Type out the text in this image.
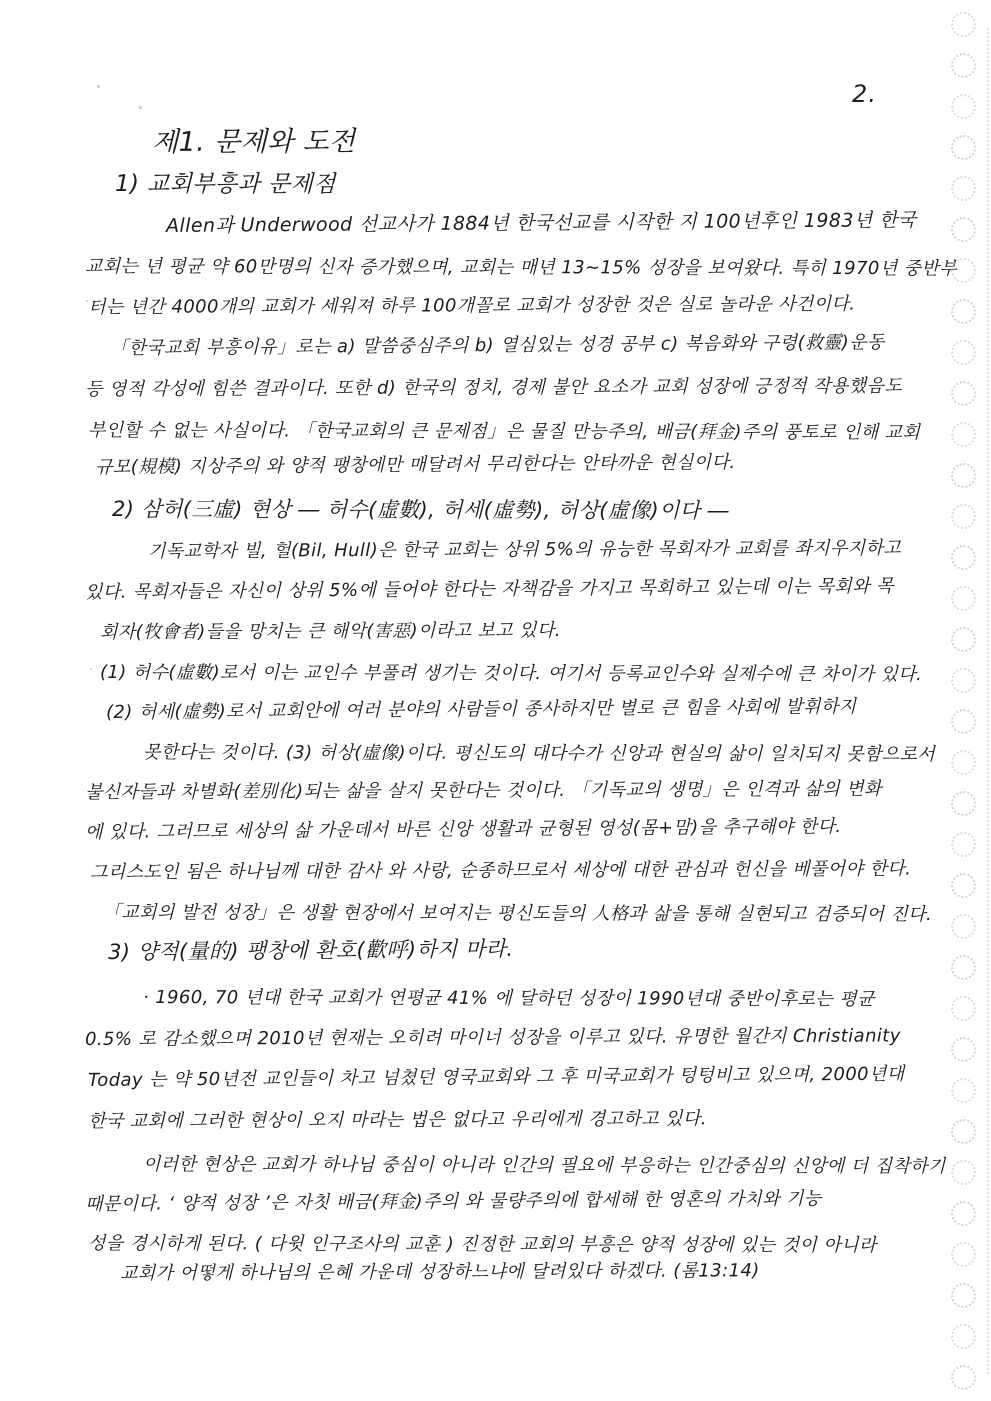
2.
제1. 문제와 도전
1) 교회부흥과 문제점
Allen과 Underwood 선교사가 1884년 한국선교를 시작한 지 100년후인 1983년 한국
교회는 년 평균 약 60만명의 신자 증가했으며, 교회는 매년 13~15% 성장을 보여왔다. 특히 1970년 중반부
터는 년간 4000개의 교회가 세워져 하루 100개꼴로 교회가 성장한 것은 실로 놀라운 사건이다.
「한국교회 부흥이유」로는 a) 말씀중심주의 b) 열심있는 성경 공부 c) 복음화와 구령(救靈)운동
등 영적 각성에 힘쓴 결과이다. 또한 d) 한국의 정치, 경제 불안 요소가 교회 성장에 긍정적 작용했음도
부인할 수 없는 사실이다. 「한국교회의 큰 문제점」은 물질 만능주의, 배금(拜金)주의 풍토로 인해 교회
규모(規模) 지상주의 와 양적 팽창에만 매달려서 무리한다는 안타까운 현실이다.
2) 삼허(三虛) 현상 ― 허수(虛數), 허세(虛勢), 허상(虛像)이다 ―
기독교학자 빌, 헐(Bil, Hull)은 한국 교회는 상위 5%의 유능한 목회자가 교회를 좌지우지하고
있다. 목회자들은 자신이 상위 5%에 들어야 한다는 자책감을 가지고 목회하고 있는데 이는 목회와 목
회자(牧會者)들을 망치는 큰 해악(害惡)이라고 보고 있다.
(1) 허수(虛數)로서 이는 교인수 부풀려 생기는 것이다. 여기서 등록교인수와 실제수에 큰 차이가 있다.
(2) 허세(虛勢)로서 교회안에 여러 분야의 사람들이 종사하지만 별로 큰 힘을 사회에 발휘하지
못한다는 것이다. (3) 허상(虛像)이다. 평신도의 대다수가 신앙과 현실의 삶이 일치되지 못함으로서
불신자들과 차별화(差別化)되는 삶을 살지 못한다는 것이다. 「기독교의 생명」은 인격과 삶의 변화
에 있다. 그러므로 세상의 삶 가운데서 바른 신앙 생활과 균형된 영성(몸+맘)을 추구해야 한다.
그리스도인 됨은 하나님께 대한 감사 와 사랑, 순종하므로서 세상에 대한 관심과 헌신을 베풀어야 한다.
「교회의 발전 성장」은 생활 현장에서 보여지는 평신도들의 人格과 삶을 통해 실현되고 검증되어 진다.
3) 양적(量的) 팽창에 환호(歡呼)하지 마라.
· 1960, 70 년대 한국 교회가 연평균 41% 에 달하던 성장이 1990년대 중반이후로는 평균
0.5% 로 감소했으며 2010년 현재는 오히려 마이너 성장을 이루고 있다. 유명한 월간지 Christianity
Today 는 약 50년전 교인들이 차고 넘쳤던 영국교회와 그 후 미국교회가 텅텅비고 있으며, 2000년대
한국 교회에 그러한 현상이 오지 마라는 법은 없다고 우리에게 경고하고 있다.
이러한 현상은 교회가 하나님 중심이 아니라 인간의 필요에 부응하는 인간중심의 신앙에 더 집착하기
때문이다. ‘ 양적 성장 ’은 자칫 배금(拜金)주의 와 물량주의에 합세해 한 영혼의 가치와 기능
성을 경시하게 된다. ( 다윗 인구조사의 교훈 ) 진정한 교회의 부흥은 양적 성장에 있는 것이 아니라
교회가 어떻게 하나님의 은혜 가운데 성장하느냐에 달려있다 하겠다. (롬13:14)
